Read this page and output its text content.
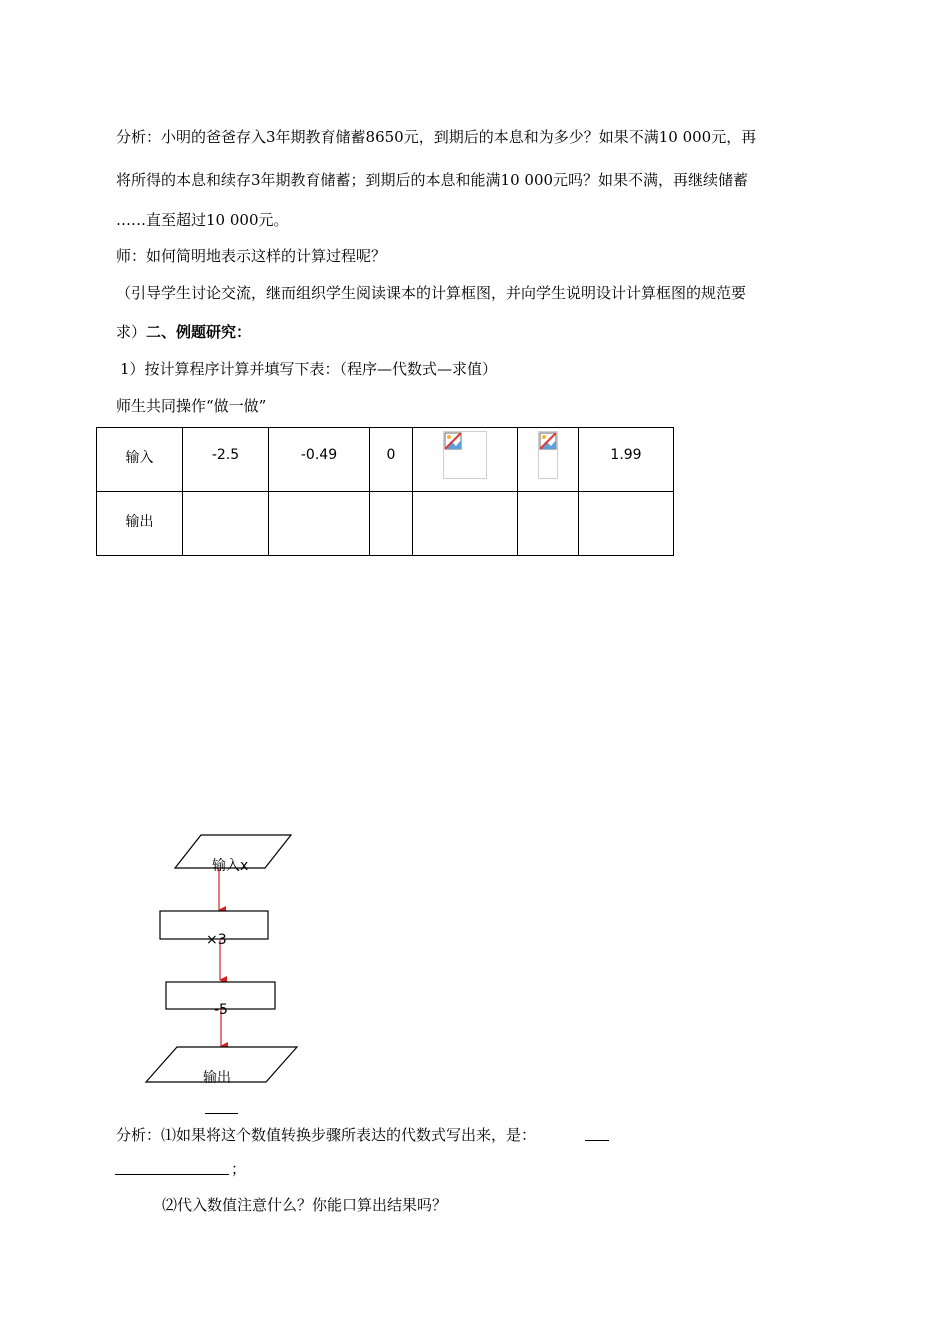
分析：小明的爸爸存入3年期教育储蓄8650元，到期后的本息和为多少？如果不满10 000元，再
将所得的本息和续存3年期教育储蓄；到期后的本息和能满10 000元吗？如果不满，再继续储蓄
……直至超过10 000元。
师：如何简明地表示这样的计算过程呢？
（引导学生讨论交流，继而组织学生阅读课本的计算框图，并向学生说明设计计算框图的规范要
求）二、例题研究：
1）按计算程序计算并填写下表：（程序—代数式—求值）
师生共同操作“做一做”
输入	-2.5	-0.49	0			1.99

输出						

输入x
×3
-5
输出
分析：⑴如果将这个数值转换步骤所表达的代数式写出来，是：
；
⑵代入数值注意什么？你能口算出结果吗？
